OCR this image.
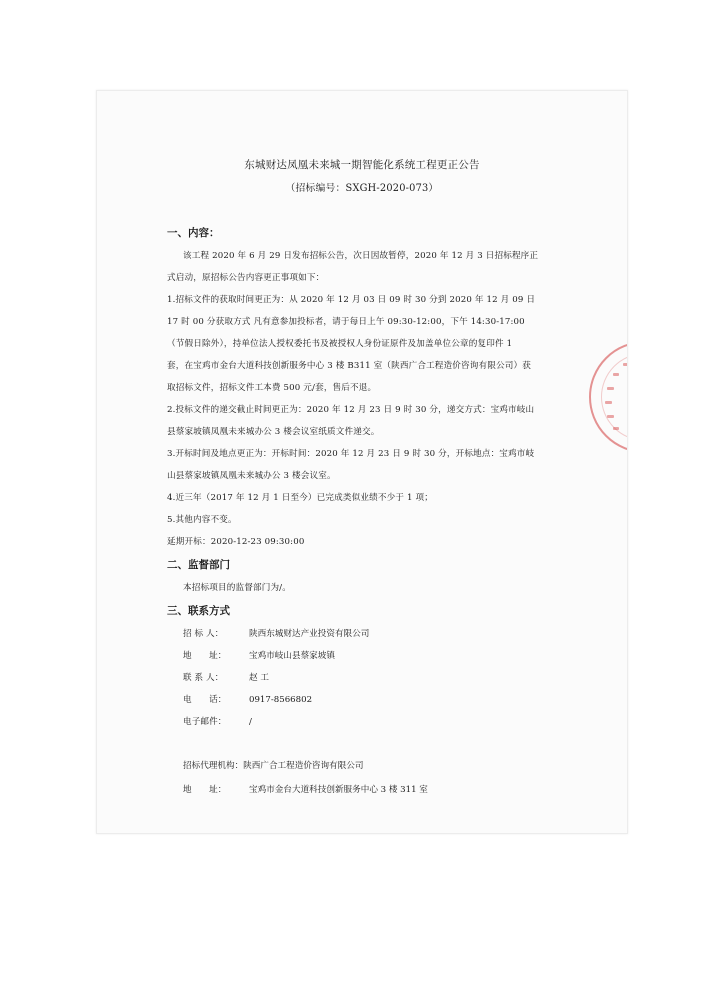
东城财达凤凰未来城一期智能化系统工程更正公告
（招标编号：SXGH-2020-073）
一、内容：
该工程 2020 年 6 月 29 日发布招标公告，次日因故暂停，2020 年 12 月 3 日招标程序正
式启动，原招标公告内容更正事项如下：
1.招标文件的获取时间更正为：从 2020 年 12 月 03 日 09 时 30 分到 2020 年 12 月 09 日
17 时 00 分获取方式 凡有意参加投标者，请于每日上午 09:30-12:00，下午 14:30-17:00
（节假日除外），持单位法人授权委托书及被授权人身份证原件及加盖单位公章的复印件 1
套，在宝鸡市金台大道科技创新服务中心 3 楼 B311 室（陕西广合工程造价咨询有限公司）获
取招标文件，招标文件工本费 500 元/套，售后不退。
2.投标文件的递交截止时间更正为：2020 年 12 月 23 日 9 时 30 分，递交方式：宝鸡市岐山
县蔡家坡镇凤凰未来城办公 3 楼会议室纸质文件递交。
3.开标时间及地点更正为：开标时间：2020 年 12 月 23 日 9 时 30 分，开标地点：宝鸡市岐
山县蔡家坡镇凤凰未来城办公 3 楼会议室。
4.近三年（2017 年 12 月 1 日至今）已完成类似业绩不少于 1 项；
5.其他内容不变。
延期开标：2020-12-23 09:30:00
二、监督部门
本招标项目的监督部门为/。
三、联系方式
招 标 人：	陕西东城财达产业投资有限公司
地　　址：	宝鸡市岐山县蔡家坡镇
联 系 人：	赵 工
电　　话：	0917-8566802
电子邮件：	/
招标代理机构：陕西广合工程造价咨询有限公司
地　　址：	宝鸡市金台大道科技创新服务中心 3 楼 311 室
